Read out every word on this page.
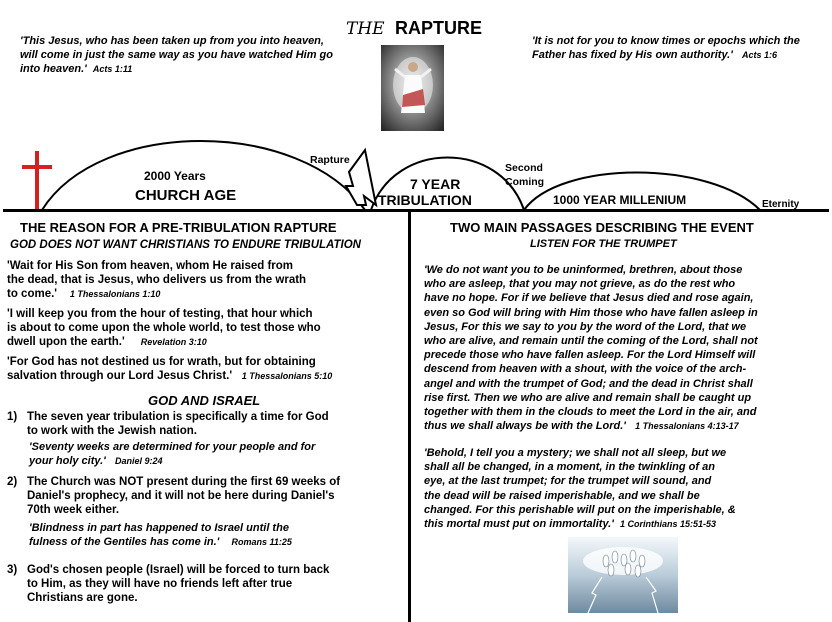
THE RAPTURE
'This Jesus, who has been taken up from you into heaven, will come in just the same way as you have watched Him go into heaven.' Acts 1:11
'It is not for you to know times or epochs which the Father has fixed by His own authority.' Acts 1:6
2000 Years
CHURCH AGE
Rapture
7 YEAR
TRIBULATION
Second
Coming
1000 YEAR MILLENIUM	Eternity
THE REASON FOR A PRE-TRIBULATION RAPTURE
GOD DOES NOT WANT CHRISTIANS TO ENDURE TRIBULATION
'Wait for His Son from heaven, whom He raised from
the dead, that is Jesus, who delivers us from the wrath
to come.' 1 Thessalonians 1:10
'I will keep you from the hour of testing, that hour which
is about to come upon the whole world, to test those who
dwell upon the earth.' Revelation 3:10
'For God has not destined us for wrath, but for obtaining
salvation through our Lord Jesus Christ.' 1 Thessalonians 5:10
GOD AND ISRAEL
1) The seven year tribulation is specifically a time for God
to work with the Jewish nation.
'Seventy weeks are determined for your people and for
your holy city.' Daniel 9:24
2) The Church was NOT present during the first 69 weeks of
Daniel's prophecy, and it will not be here during Daniel's
70th week either.
'Blindness in part has happened to Israel until the
fulness of the Gentiles has come in.' Romans 11:25
3) God's chosen people (Israel) will be forced to turn back
to Him, as they will have no friends left after true
Christians are gone.
TWO MAIN PASSAGES DESCRIBING THE EVENT
LISTEN FOR THE TRUMPET
'We do not want you to be uninformed, brethren, about those
who are asleep, that you may not grieve, as do the rest who
have no hope. For if we believe that Jesus died and rose again,
even so God will bring with Him those who have fallen asleep in
Jesus, For this we say to you by the word of the Lord, that we
who are alive, and remain until the coming of the Lord, shall not
precede those who have fallen asleep. For the Lord Himself will
descend from heaven with a shout, with the voice of the arch-
angel and with the trumpet of God; and the dead in Christ shall
rise first. Then we who are alive and remain shall be caught up
together with them in the clouds to meet the Lord in the air, and
thus we shall always be with the Lord.' 1 Thessalonians 4:13-17
'Behold, I tell you a mystery; we shall not all sleep, but we
shall all be changed, in a moment, in the twinkling of an
eye, at the last trumpet; for the trumpet will sound, and
the dead will be raised imperishable, and we shall be
changed. For this perishable will put on the imperishable, &
this mortal must put on immortality.' 1 Corinthians 15:51-53
